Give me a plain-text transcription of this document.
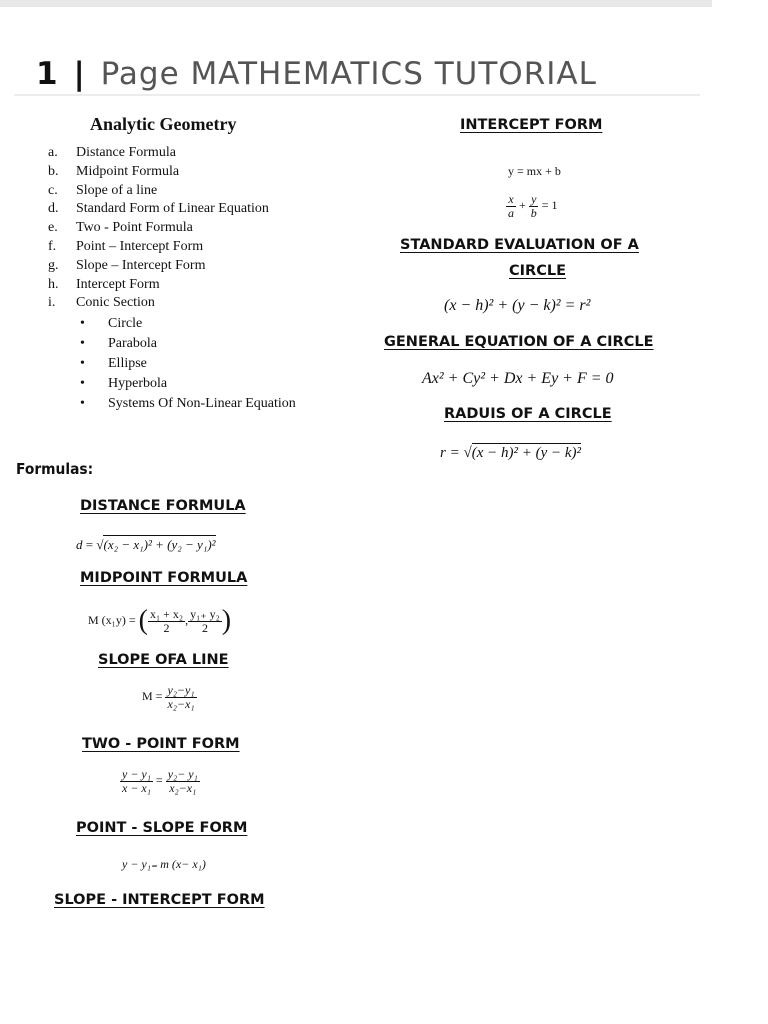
1 | Page MATHEMATICS TUTORIAL
Analytic Geometry
a.	Distance Formula
b.	Midpoint Formula
c.	Slope of a line
d.	Standard Form of Linear Equation
e.	Two - Point Formula
f.	Point – Intercept Form
g.	Slope – Intercept Form
h.	Intercept Form
i.	Conic Section
•	Circle
•	Parabola
•	Ellipse
•	Hyperbola
•	Systems Of Non-Linear Equation
Formulas:
DISTANCE FORMULA
d = √(x₂ − x₁)² + (y₂ − y₁)²
MIDPOINT FORMULA
M (x₁y) = ( $\frac{\text{x₁ + x₂}}{2}$ , $\frac{\text{y₁₊ y₂}}{2}$ )
SLOPE OFA LINE
$M = \frac{\text{y₂−y₁}}{\text{x₂−x₁}}$
TWO - POINT FORM
$\frac{\text{y − y₁}}{\text{x − x₁}} = \frac{\text{y₂− y₁}}{\text{x₂−x₁}}$
POINT - SLOPE FORM
y − y₁₌ m (x− x₁)
SLOPE - INTERCEPT FORM
INTERCEPT FORM
y = mx + b
$\frac{x}{a} + \frac{y}{b} = 1$
STANDARD EVALUATION OF A
CIRCLE
(x − h)² + (y − k)² = r²
GENERAL EQUATION OF A CIRCLE
Ax² + Cy² + Dx + Ey + F = 0
RADUIS OF A CIRCLE
r = √(x − h)² + (y − k)²
